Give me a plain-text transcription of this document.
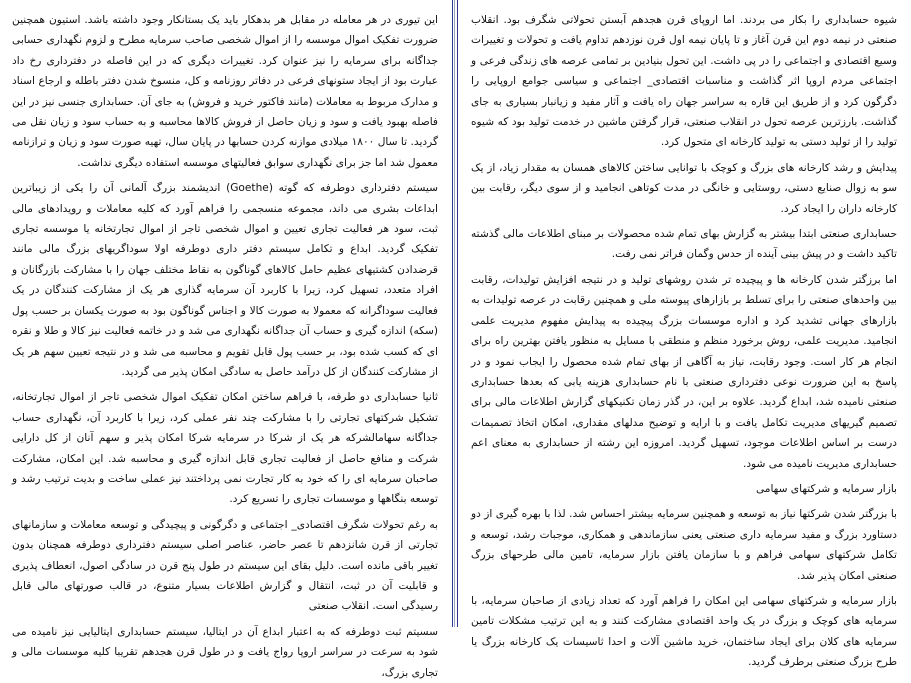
این تیوری در هر معامله در مقابل هر بدهکار باید یک بستانکار وجود داشته باشد. استیون همچنین ضرورت تفکیک اموال موسسه را از اموال شخصی صاحب سرمایه مطرح و لزوم نگهداری حسابی جداگانه برای سرمایه را نیز عنوان کرد. تغییرات دیگری که در این فاصله در دفترداری رخ داد عبارت بود از ایجاد ستونهای فرعی در دفاتر روزنامه و کل، منسوخ شدن دفتر باطله و ارجاع اسناد و مدارک مربوط به معاملات (مانند فاکتور خرید و فروش) به جای آن. حسابداری جنسی نیز در این فاصله بهبود یافت و سود و زیان حاصل از فروش کالاها محاسبه و به حساب سود و زیان نقل می گردید. تا سال ۱۸۰۰ میلادی موازنه کردن حسابها در پایان سال، تهیه صورت سود و زیان و ترازنامه معمول شد اما جز برای نگهداری سوابق فعالیتهای موسسه استفاده دیگری نداشت.

سیستم دفترداری دوطرفه که گوته (Goethe) اندیشمند بزرگ آلمانی آن را یکی از زیباترین ابداعات بشری می داند، مجموعه منسجمی را فراهم آورد که کلیه معاملات و رویدادهای مالی ثبت، سود هر فعالیت تجاری تعیین و اموال شخصی تاجر از اموال تجارتخانه یا موسسه تجاری تفکیک گردید. ابداع و تکامل سیستم دفتر داری دوطرفه اولا سوداگریهای بزرگ مالی مانند قرضدادن کشتیهای عظیم حامل کالاهای گوناگون به نقاط مختلف جهان را با مشارکت بازرگانان و افراد متعدد، تسهیل کرد، زیرا با کاربرد آن سرمایه گذاری هر یک از مشارکت کنندگان در یک فعالیت سوداگرانه که معمولا به صورت کالا و اجناس گوناگون بود به صورت یکسان بر حسب پول (سکه) اندازه گیری و حساب آن جداگانه نگهداری می شد و در خاتمه فعالیت نیز کالا و طلا و نقره ای که کسب شده بود، بر حسب پول قابل تقویم و محاسبه می شد و در نتیجه تعیین سهم هر یک از مشارکت کنندگان از کل درآمد حاصل به سادگی امکان پذیر می گردید.

ثانیا حسابداری دو طرفه، با فراهم ساختن امکان تفکیک اموال شخصی تاجر از اموال تجارتخانه، تشکیل شرکتهای تجارتی را با مشارکت چند نفر عملی کرد، زیرا با کاربرد آن، نگهداری حساب جداگانه سهامالشرکه هر یک از شرکا در سرمایه شرکا امکان پذیر و سهم آنان از کل دارایی شرکت و منافع حاصل از فعالیت تجاری قابل اندازه گیری و محاسبه شد. این امکان، مشارکت صاحبان سرمایه ای را که خود به کار تجارت نمی پرداختند نیز عملی ساخت و بدیت ترتیب رشد و توسعه بنگاهها و موسسات تجاری را تسریع کرد.

به رغم تحولات شگرف اقتصادی_ اجتماعی و دگرگونی و پیچیدگی و توسعه معاملات و سازمانهای تجارتی از قرن شانزدهم تا عصر حاضر، عناصر اصلی سیستم دفترداری دوطرفه همچنان بدون تغییر باقی مانده است. دلیل بقای این سیستم در طول پنج قرن در سادگی اصول، انعطاف پذیری و قابلیت آن در ثبت، انتقال و گزارش اطلاعات بسیار متنوع، در قالب صورتهای مالی قابل رسیدگی است. انقلاب صنعتی

سسیتم ثبت دوطرفه که به اعتبار ابداع آن در ایتالیا، سیستم حسابداری ایتالیایی نیز نامیده می شود به سرعت در سراسر اروپا رواج یافت و در طول قرن هجدهم تقریبا کلیه موسسات مالی و تجاری بزرگ،

شیوه حسابداری را بکار می بردند. اما اروپای قرن هجدهم آبستن تحولاتی شگرف بود. انقلاب صنعتی در نیمه دوم این قرن آغاز و تا پایان نیمه اول قرن نوزدهم تداوم یافت و تحولات و تغییرات وسیع اقتصادی و اجتماعی را در پی داشت. این تحول بنیادین بر تمامی عرصه های زندگی فرعی و اجتماعی مردم اروپا اثر گذاشت و مناسبات اقتصادی_ اجتماعی و سیاسی جوامع اروپایی را دگرگون کرد و از طریق این قاره به سراسر جهان راه یافت و آثار مفید و زیانبار بسیاری به جای گذاشت. بارزترین عرصه تحول در انقلاب صنعتی، قرار گرفتن ماشین در خدمت تولید بود که شیوه تولید را از تولید دستی به تولید کارخانه ای متحول کرد.

پیدایش و رشد کارخانه های بزرگ و کوچک با توانایی ساختن کالاهای همسان به مقدار زیاد، از یک سو به زوال صنایع دستی، روستایی و خانگی در مدت کوتاهی انجامید و از سوی دیگر، رقابت بین کارخانه داران را ایجاد کرد.

حسابداری صنعتی ابتدا بیشتر به گزارش بهای تمام شده محصولات بر مبنای اطلاعات مالی گذشته تاکید داشت و در پیش بینی آینده از حدس وگمان فراتر نمی رفت.

اما برزگتر شدن کارخانه ها و پیچیده تر شدن روشهای تولید و در نتیجه افزایش تولیدات، رقابت بین واحدهای صنعتی را برای تسلط بر بازارهای پیوسته ملی و همچنین رقابت در عرصه تولیدات به بازارهای جهانی تشدید کرد و اداره موسسات بزرگ پیچیده به پیدایش مفهوم مدیریت علمی انجامید. مدیریت علمی، روش برخورد منظم و منطقی با مسایل به منظور یافتن بهترین راه برای انجام هر کار است. وجود رقابت، نیاز به آگاهی از بهای تمام شده محصول را ایجاب نمود و در پاسخ به این ضرورت نوعی دفترداری صنعتی با نام حسابداری هزینه یابی که بعدها حسابداری صنعتی نامیده شد، ابداع گردید. علاوه بر این، در گذر زمان تکنیکهای گزارش اطلاعات مالی برای تصمیم گیریهای مدیریت تکامل یافت و با ارایه و توضیح مدلهای مقداری، امکان اتخاذ تصمیمات درست بر اساس اطلاعات موجود، تسهیل گردید. امروزه این رشته از حسابداری به معنای اعم حسابداری مدیریت نامیده می شود.

بازار سرمایه و شرکتهای سهامی

با بزرگتر شدن شرکتها نیاز به توسعه و همچنین سرمایه بیشتر احساس شد. لذا با بهره گیری از دو دستاورد بزرگ و مفید سرمایه داری صنعتی یعنی سازماندهی و همکاری، موجبات رشد، توسعه و تکامل شرکتهای سهامی فراهم و با سازمان یافتن بازار سرمایه، تامین مالی طرحهای بزرگ صنعتی امکان پذیر شد.

بازار سرمایه و شرکتهای سهامی این امکان را فراهم آورد که تعداد زیادی از صاحبان سرمایه، با سرمایه های کوچک و بزرگ در یک واحد اقتصادی مشارکت کنند و به این ترتیب مشکلات تامین سرمایه های کلان برای ایجاد ساختمان، خرید ماشین آلات و احدا ثاسیسات یک کارخانه بزرگ یا طرح بزرگ صنعتی برطرف گردید.
